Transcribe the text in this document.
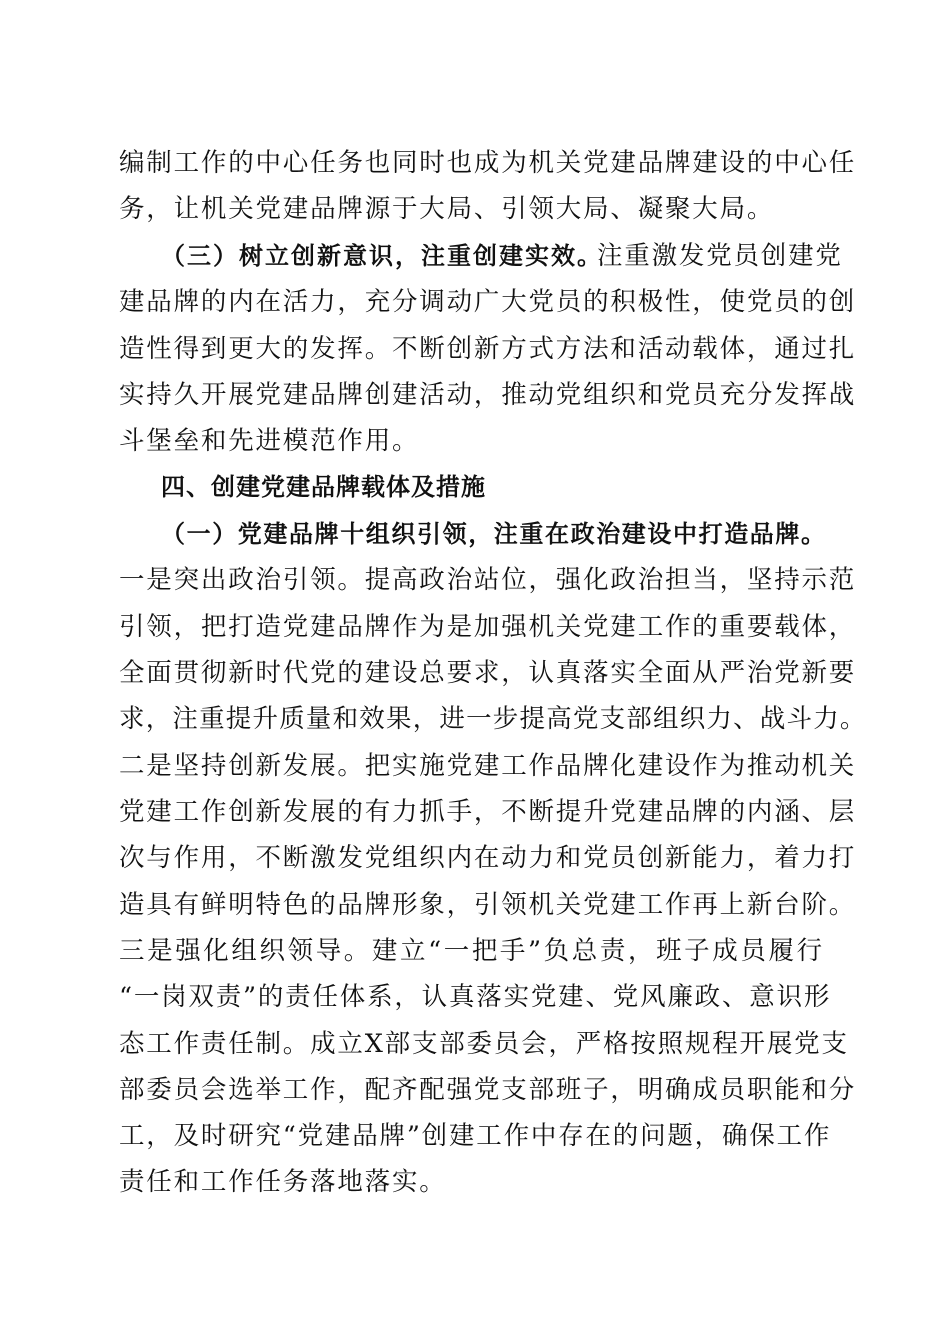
编制工作的中心任务也同时也成为机关党建品牌建设的中心任
务，让机关党建品牌源于大局、引领大局、凝聚大局。
（三）树立创新意识，注重创建实效。
注重激发党员创建党
建品牌的内在活力，充分调动广大党员的积极性，使党员的创
造性得到更大的发挥。不断创新方式方法和活动载体，通过扎
实持久开展党建品牌创建活动，推动党组织和党员充分发挥战
斗堡垒和先进模范作用。
四、创建党建品牌载体及措施
（一）党建品牌十组织引领，注重在政治建设中打造品牌。
一是突出政治引领。提高政治站位，强化政治担当，坚持示范
引领，把打造党建品牌作为是加强机关党建工作的重要载体，
全面贯彻新时代党的建设总要求，认真落实全面从严治党新要
求，注重提升质量和效果，进一步提高党支部组织力、战斗力。
二是坚持创新发展。把实施党建工作品牌化建设作为推动机关
党建工作创新发展的有力抓手，不断提升党建品牌的内涵、层
次与作用，不断激发党组织内在动力和党员创新能力，着力打
造具有鲜明特色的品牌形象，引领机关党建工作再上新台阶。
三是强化组织领导。建立“一把手”负总责，班子成员履行
“一岗双责”的责任体系，认真落实党建、党风廉政、意识形
态工作责任制。成立X部支部委员会，严格按照规程开展党支
部委员会选举工作，配齐配强党支部班子，明确成员职能和分
工，及时研究“党建品牌”创建工作中存在的问题，确保工作
责任和工作任务落地落实。
